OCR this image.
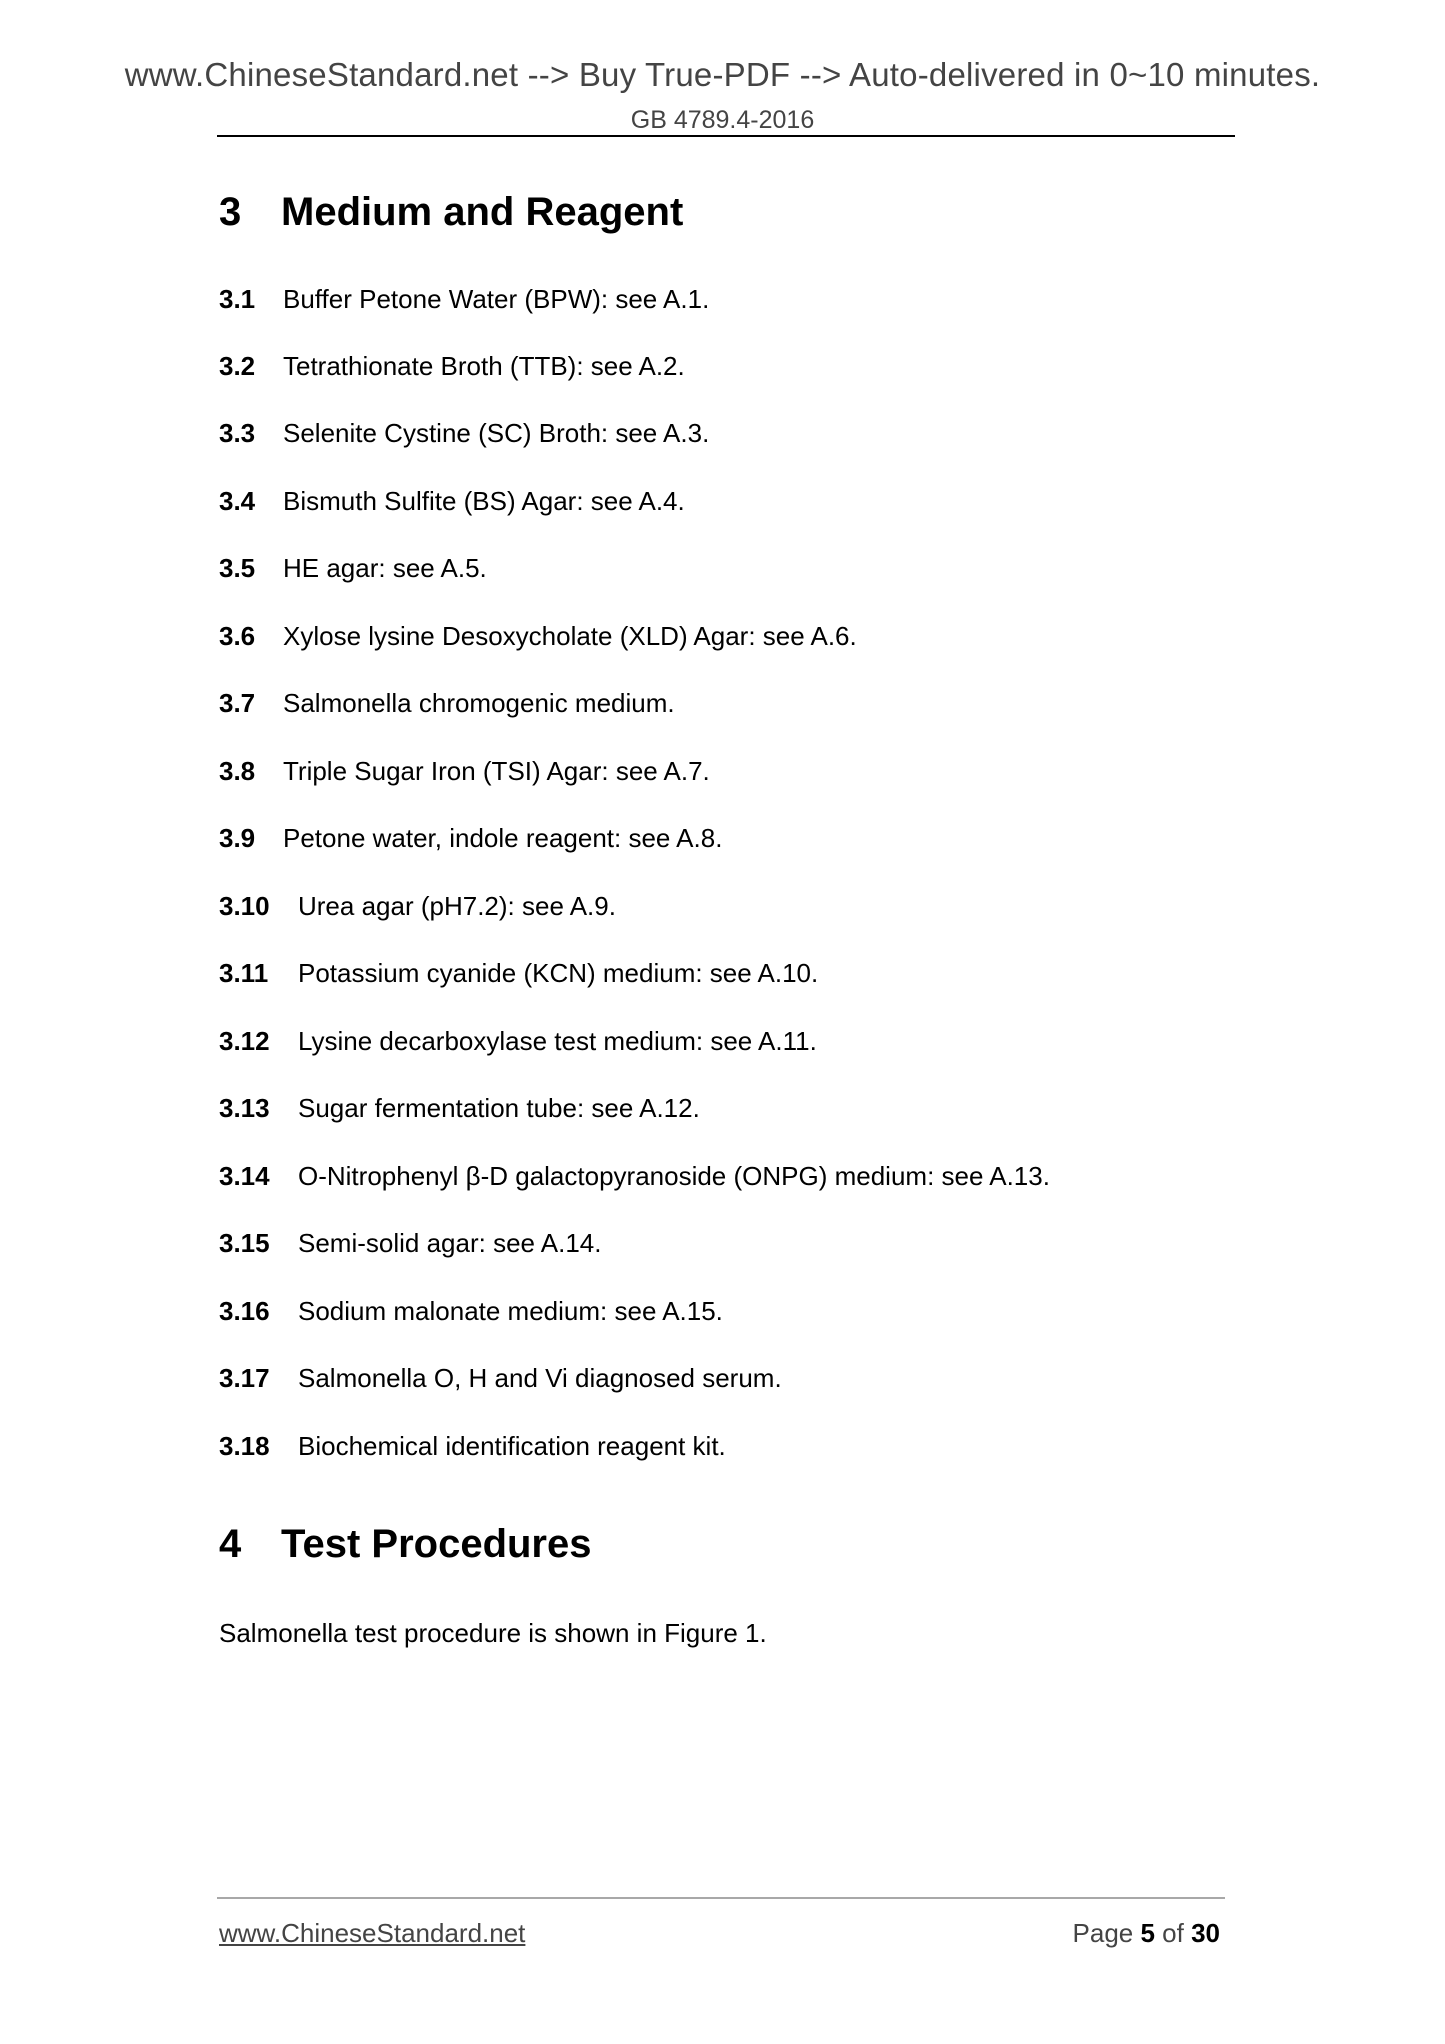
www.ChineseStandard.net --> Buy True-PDF --> Auto-delivered in 0~10 minutes.
GB 4789.4-2016
3 Medium and Reagent
3.1	Buffer Petone Water (BPW): see A.1.
3.2	Tetrathionate Broth (TTB): see A.2.
3.3	Selenite Cystine (SC) Broth: see A.3.
3.4	Bismuth Sulfite (BS) Agar: see A.4.
3.5	HE agar: see A.5.
3.6	Xylose lysine Desoxycholate (XLD) Agar: see A.6.
3.7	Salmonella chromogenic medium.
3.8	Triple Sugar Iron (TSI) Agar: see A.7.
3.9	Petone water, indole reagent: see A.8.
3.10	Urea agar (pH7.2): see A.9.
3.11	Potassium cyanide (KCN) medium: see A.10.
3.12	Lysine decarboxylase test medium: see A.11.
3.13	Sugar fermentation tube: see A.12.
3.14	O-Nitrophenyl β-D galactopyranoside (ONPG) medium: see A.13.
3.15	Semi-solid agar: see A.14.
3.16	Sodium malonate medium: see A.15.
3.17	Salmonella O, H and Vi diagnosed serum.
3.18	Biochemical identification reagent kit.
4 Test Procedures
Salmonella test procedure is shown in Figure 1.
www.ChineseStandard.net	Page 5 of 30
